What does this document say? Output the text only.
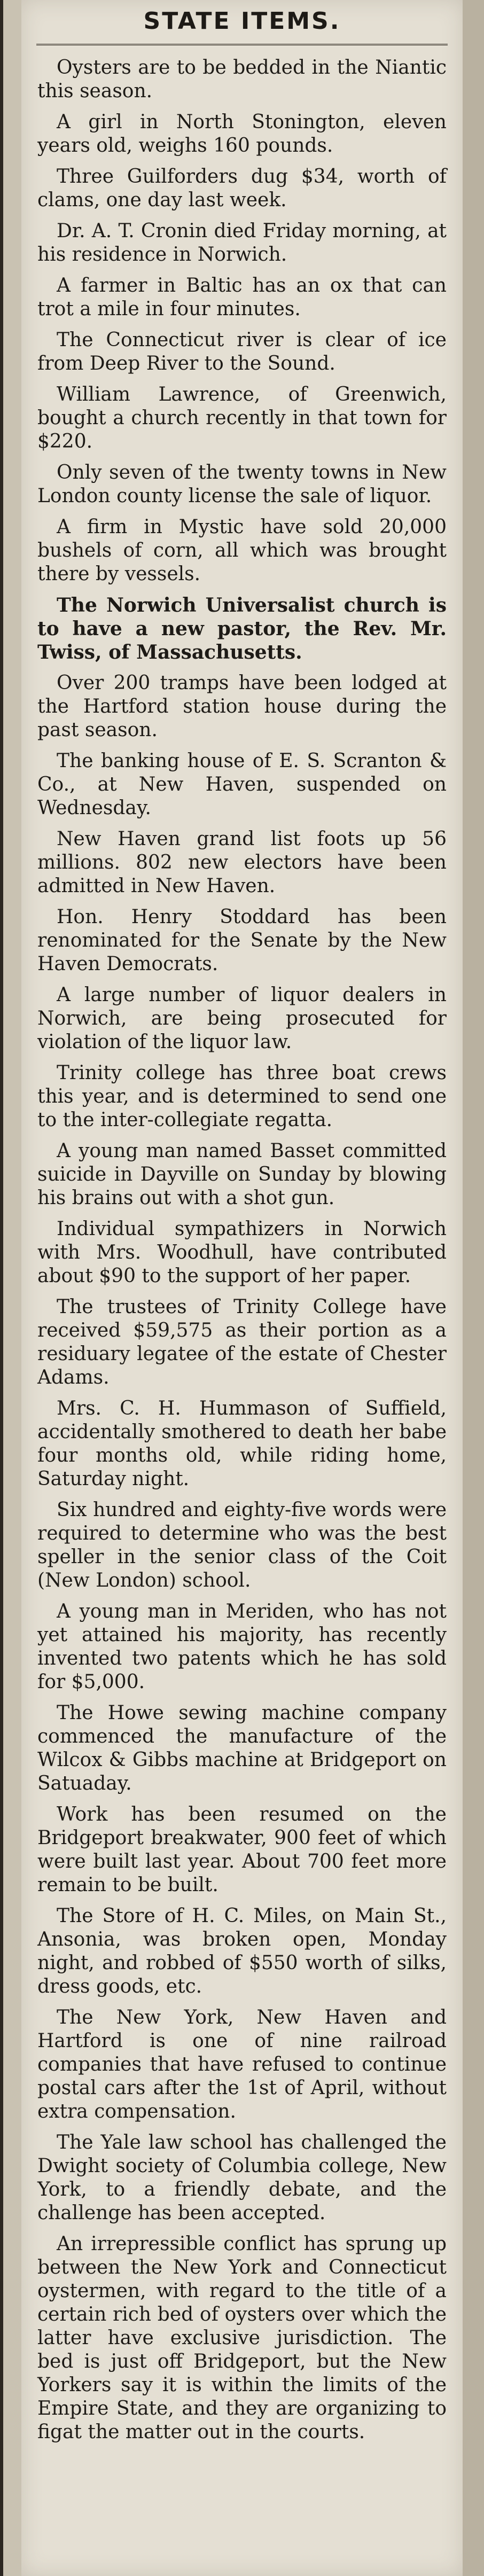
STATE ITEMS.

Oysters are to be bedded in the Niantic this season.

A girl in North Stonington, eleven years old, weighs 160 pounds.

Three Guilforders dug $34, worth of clams, one day last week.

Dr. A. T. Cronin died Friday morning, at his residence in Norwich.

A farmer in Baltic has an ox that can trot a mile in four minutes.

The Connecticut river is clear of ice from Deep River to the Sound.

William Lawrence, of Greenwich, bought a church recently in that town for $220.

Only seven of the twenty towns in New London county license the sale of liquor.

A firm in Mystic have sold 20,000 bushels of corn, all which was brought there by vessels.

The Norwich Universalist church is to have a new pastor, the Rev. Mr. Twiss, of Massachusetts.

Over 200 tramps have been lodged at the Hartford station house during the past season.

The banking house of E. S. Scranton & Co., at New Haven, suspended on Wednesday.

New Haven grand list foots up 56 millions. 802 new electors have been admitted in New Haven.

Hon. Henry Stoddard has been renominated for the Senate by the New Haven Democrats.

A large number of liquor dealers in Norwich, are being prosecuted for violation of the liquor law.

Trinity college has three boat crews this year, and is determined to send one to the inter-collegiate regatta.

A young man named Basset committed suicide in Dayville on Sunday by blowing his brains out with a shot gun.

Individual sympathizers in Norwich with Mrs. Woodhull, have contributed about $90 to the support of her paper.

The trustees of Trinity College have received $59,575 as their portion as a residuary legatee of the estate of Chester Adams.

Mrs. C. H. Hummason of Suffield, accidentally smothered to death her babe four months old, while riding home, Saturday night.

Six hundred and eighty-five words were required to determine who was the best speller in the senior class of the Coit (New London) school.

A young man in Meriden, who has not yet attained his majority, has recently invented two patents which he has sold for $5,000.

The Howe sewing machine company commenced the manufacture of the Wilcox & Gibbs machine at Bridgeport on Satuaday.

Work has been resumed on the Bridgeport breakwater, 900 feet of which were built last year. About 700 feet more remain to be built.

The Store of H. C. Miles, on Main St., Ansonia, was broken open, Monday night, and robbed of $550 worth of silks, dress goods, etc.

The New York, New Haven and Hartford is one of nine railroad companies that have refused to continue postal cars after the 1st of April, without extra compensation.

The Yale law school has challenged the Dwight society of Columbia college, New York, to a friendly debate, and the challenge has been accepted.

An irrepressible conflict has sprung up between the New York and Connecticut oystermen, with regard to the title of a certain rich bed of oysters over which the latter have exclusive jurisdiction. The bed is just off Bridgeport, but the New Yorkers say it is within the limits of the Empire State, and they are organizing to figat the matter out in the courts.
